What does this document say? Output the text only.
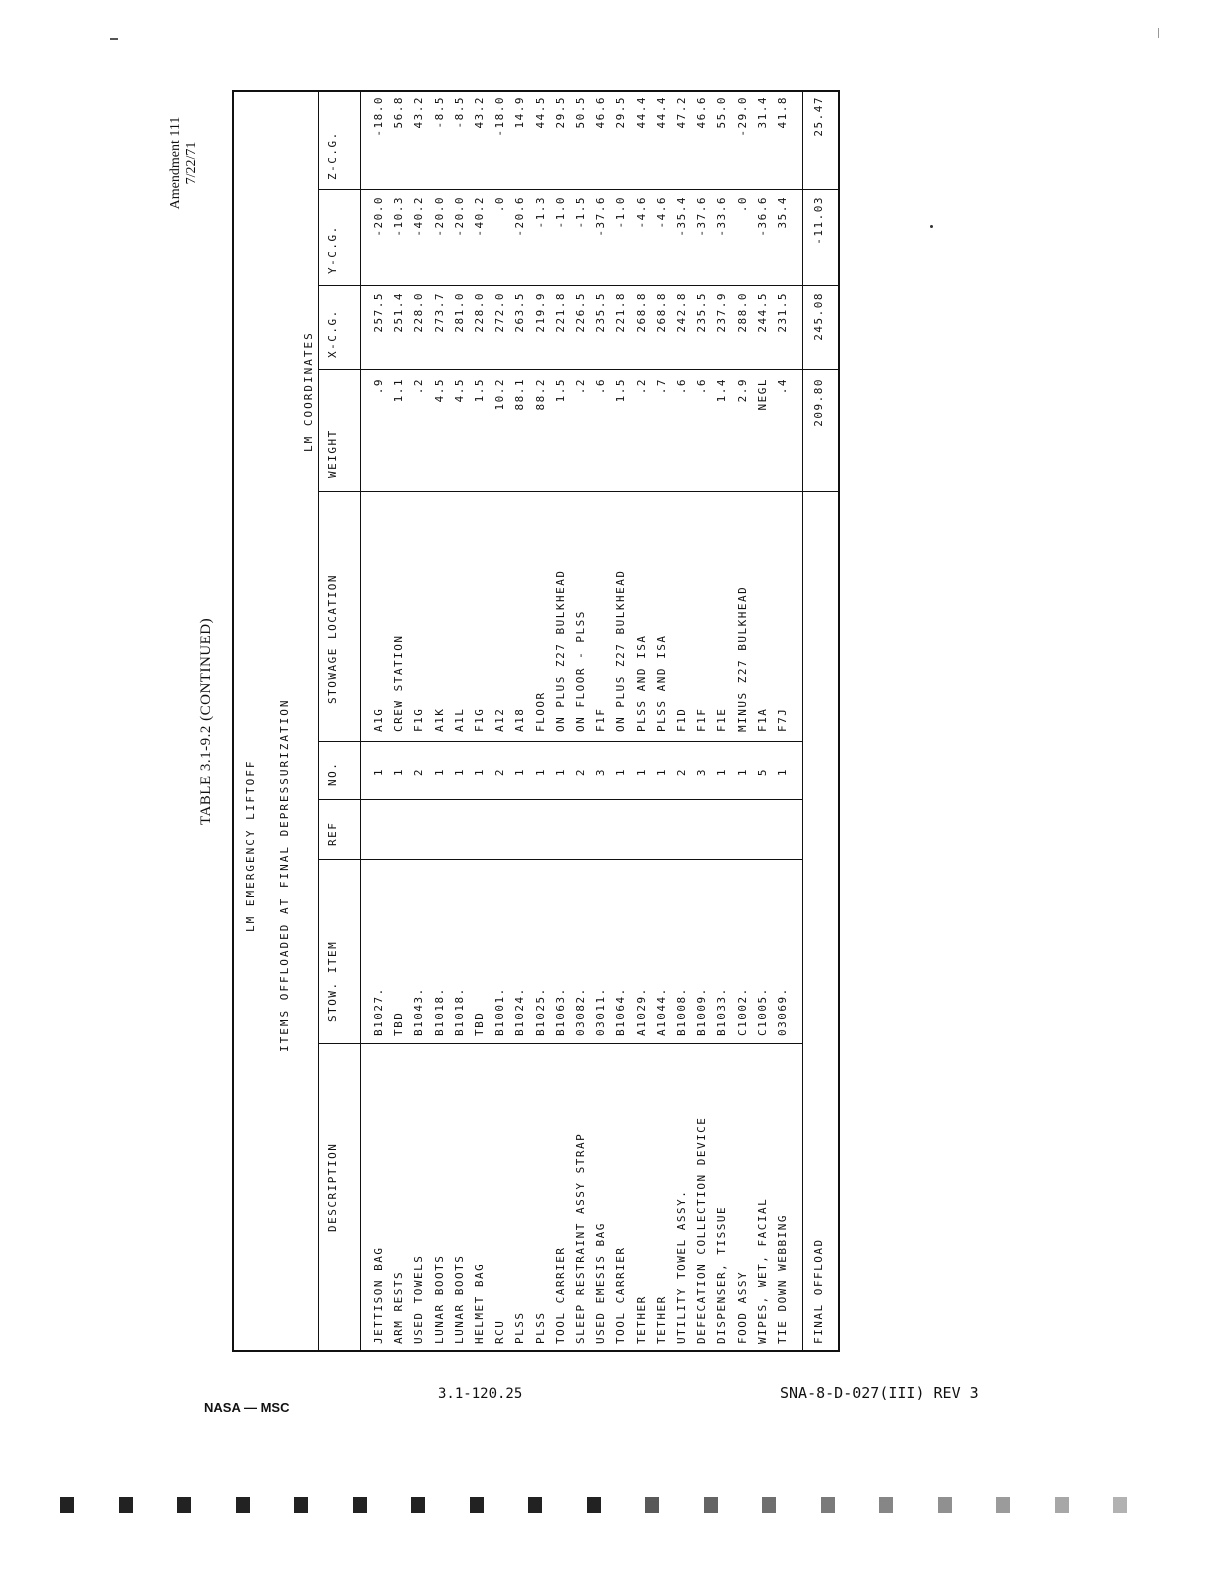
Amendment 111 7/22/71
TABLE 3.1-9.2 (CONTINUED)
LM EMERGENCY LIFTOFF ITEMS OFFLOADED AT FINAL DEPRESSURIZATION
LM COORDINATES
DESCRIPTION
STOW. ITEM
REF
NO.
STOWAGE LOCATION
WEIGHT
X-C.G.
Y-C.G.
Z-C.G.
JETTISON BAG
B1027.
1
A1G
.9
257.5
-20.0
-18.0
ARM RESTS
TBD
1
CREW STATION
1.1
251.4
-10.3
56.8
USED TOWELS
B1043.
2
F1G
.2
228.0
-40.2
43.2
LUNAR BOOTS
B1018.
1
A1K
4.5
273.7
-20.0
-8.5
LUNAR BOOTS
B1018.
1
A1L
4.5
281.0
-20.0
-8.5
HELMET BAG
TBD
1
F1G
1.5
228.0
-40.2
43.2
RCU
B1001.
2
A12
10.2
272.0
.0
-18.0
PLSS
B1024.
1
A18
88.1
263.5
-20.6
14.9
PLSS
B1025.
1
FLOOR
88.2
219.9
-1.3
44.5
TOOL CARRIER
B1063.
1
ON PLUS Z27 BULKHEAD
1.5
221.8
-1.0
29.5
SLEEP RESTRAINT ASSY STRAP
03082.
2
ON FLOOR - PLSS
.2
226.5
-1.5
50.5
USED EMESIS BAG
03011.
3
F1F
.6
235.5
-37.6
46.6
TOOL CARRIER
B1064.
1
ON PLUS Z27 BULKHEAD
1.5
221.8
-1.0
29.5
TETHER
A1029.
1
PLSS AND ISA
.2
268.8
-4.6
44.4
TETHER
A1044.
1
PLSS AND ISA
.7
268.8
-4.6
44.4
UTILITY TOWEL ASSY.
B1008.
2
F1D
.6
242.8
-35.4
47.2
DEFECATION COLLECTION DEVICE
B1009.
3
F1F
.6
235.5
-37.6
46.6
DISPENSER, TISSUE
B1033.
1
F1E
1.4
237.9
-33.6
55.0
FOOD ASSY
C1002.
1
MINUS Z27 BULKHEAD
2.9
288.0
.0
-29.0
WIPES, WET, FACIAL
C1005.
5
F1A
NEGL
244.5
-36.6
31.4
TIE DOWN WEBBING
03069.
1
F7J
.4
231.5
35.4
41.8
FINAL OFFLOAD
209.80
245.08
-11.03
25.47
NASA — MSC
3.1-120.25	SNA-8-D-027(III) REV 3
